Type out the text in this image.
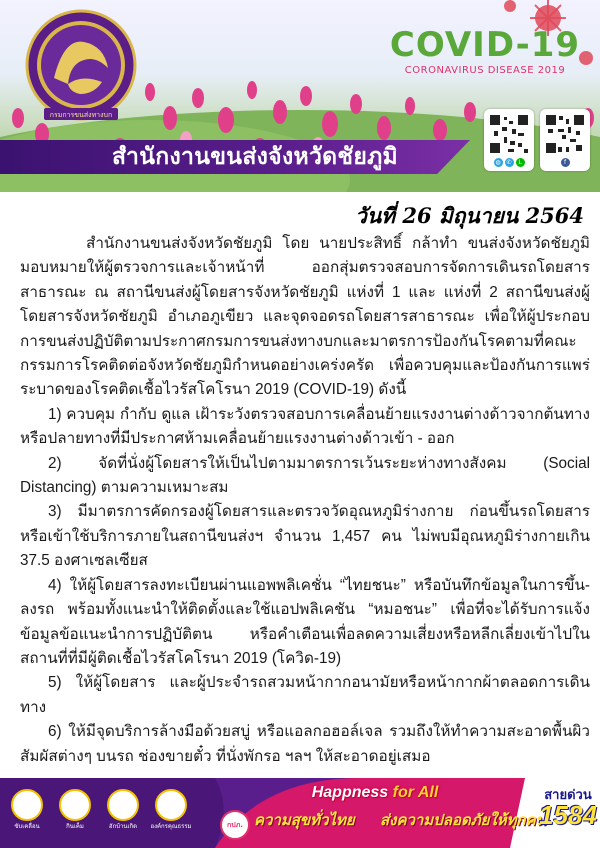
กรมการขนส่งทางบก
COVID-19
CORONAVIRUS DISEASE 2019
◍ ✆ L	f
สำนักงานขนส่งจังหวัดชัยภูมิ
วันที่ 26 มิถุนายน 2564

สำนักงานขนส่งจังหวัดชัยภูมิ โดย นายประสิทธิ์ กล้าทำ ขนส่งจังหวัดชัยภูมิ มอบหมายให้ผู้ตรวจการและเจ้าหน้าที่ ออกสุ่มตรวจสอบการจัดการเดินรถโดยสารสาธารณะ ณ สถานีขนส่งผู้โดยสารจังหวัดชัยภูมิ แห่งที่ 1 และ แห่งที่ 2 สถานีขนส่งผู้โดยสารจังหวัดชัยภูมิ อำเภอภูเขียว และจุดจอดรถโดยสารสาธารณะ เพื่อให้ผู้ประกอบการขนส่งปฏิบัติตามประกาศกรมการขนส่งทางบกและมาตรการป้องกันโรคตามที่คณะกรรมการโรคติดต่อจังหวัดชัยภูมิกำหนดอย่างเคร่งครัด เพื่อควบคุมและป้องกันการแพร่ระบาดของโรคติดเชื้อไวรัสโคโรนา 2019 (COVID-19) ดังนี้

1) ควบคุม กำกับ ดูแล เฝ้าระวังตรวจสอบการเคลื่อนย้ายแรงงานต่างด้าวจากต้นทาง หรือปลายทางที่มีประกาศห้ามเคลื่อนย้ายแรงงานต่างด้าวเข้า - ออก

2) จัดที่นั่งผู้โดยสารให้เป็นไปตามมาตรการเว้นระยะห่างทางสังคม (Social Distancing) ตามความเหมาะสม

3) มีมาตรการคัดกรองผู้โดยสารและตรวจวัดอุณหภูมิร่างกาย ก่อนขึ้นรถโดยสาร หรือเข้าใช้บริการภายในสถานีขนส่งฯ จำนวน 1,457 คน ไม่พบมีอุณหภูมิร่างกายเกิน 37.5 องศาเซลเซียส

4) ให้ผู้โดยสารลงทะเบียนผ่านแอพพลิเคชั่น “ไทยชนะ” หรือบันทึกข้อมูลในการขึ้น-ลงรถ พร้อมทั้งแนะนำให้ติดตั้งและใช้แอปพลิเคชัน “หมอชนะ” เพื่อที่จะได้รับการแจ้งข้อมูลข้อแนะนำการปฏิบัติตน หรือคำเตือนเพื่อลดความเสี่ยงหรือหลีกเลี่ยงเข้าไปในสถานที่ที่มีผู้ติดเชื้อไวรัสโคโรนา 2019 (โควิด-19)

5) ให้ผู้โดยสาร และผู้ประจำรถสวมหน้ากากอนามัยหรือหน้ากากผ้าตลอดการเดินทาง

6) ให้มีจุดบริการล้างมือด้วยสบู่ หรือแอลกอฮอล์เจล รวมถึงให้ทำความสะอาดพื้นผิวสัมผัสต่างๆ บนรถ ช่องขายตั๋ว ที่นั่งพักรอ ฯลฯ ให้สะอาดอยู่เสมอ

ขับเคลื่อน	กินเค็ม	ฮักบ้านเกิด	องค์กรคุณธรรม	กปภ.
Happness for All
ความสุขทั่วไทย ส่งความปลอดภัยให้ทุกคน
สายด่วน
1584
